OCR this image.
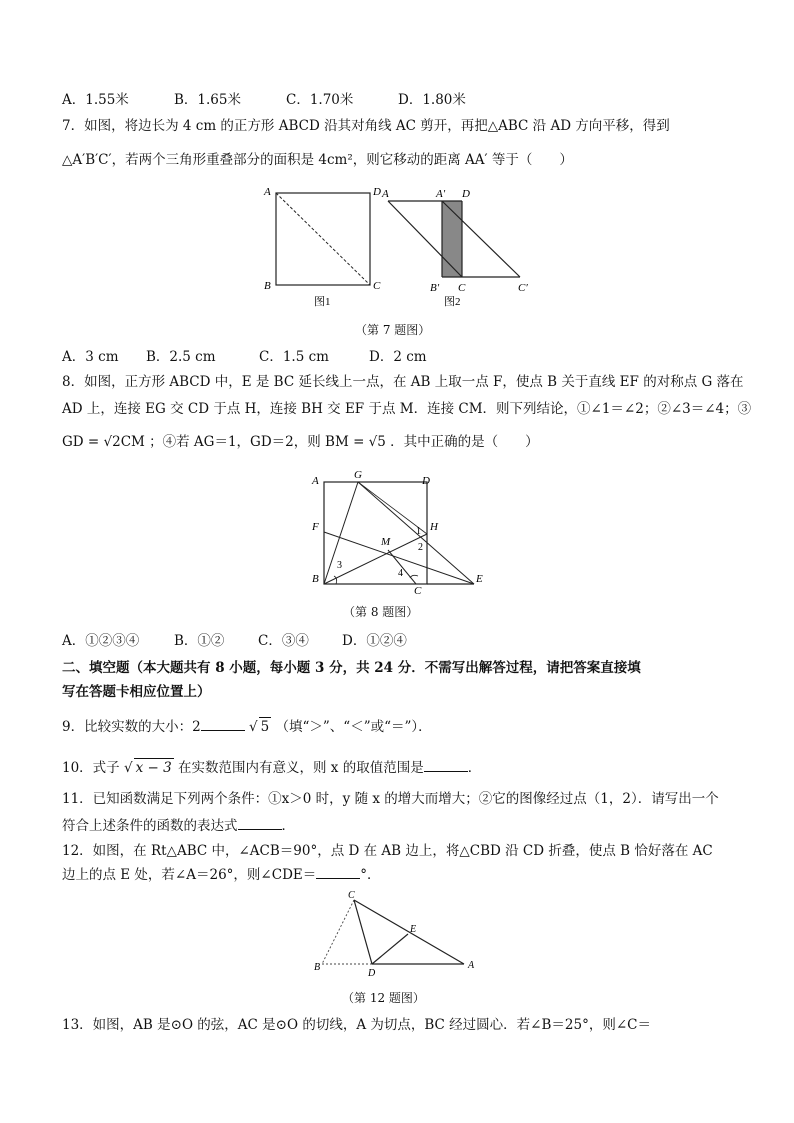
A．1.55米	B．1.65米	C．1.70米	D．1.80米
7．如图，将边长为 4 cm 的正方形 ABCD 沿其对角线 AC 剪开，再把△ABC 沿 AD 方向平移，得到
△A′B′C′，若两个三角形重叠部分的面积是 4cm²，则它移动的距离 AA′ 等于（　　）
A	D
B	C
图1
A	A′ D
B′ C	C′
图2
（第 7 题图）
A．3 cm B．2.5 cm	C．1.5 cm	D．2 cm
8．如图，正方形 ABCD 中，E 是 BC 延长线上一点，在 AB 上取一点 F，使点 B 关于直线 EF 的对称点 G 落在
AD 上，连接 EG 交 CD 于点 H，连接 BH 交 EF 于点 M．连接 CM．则下列结论，①∠1＝∠2；②∠3＝∠4；③
GD = √2CM ；④若 AG＝1，GD＝2，则 BM = √5 ．其中正确的是（　　）
A	G	D
F	H
M
B
C
E
1
2
3
4
（第 8 题图）
A．①②③④	B．①② C．③④ D．①②④
二、填空题（本大题共有 8 小题，每小题 3 分，共 24 分．不需写出解答过程，请把答案直接填
写在答题卡相应位置上）
9．比较实数的大小：2	√ 5 （填“＞”、“＜”或“＝”）．
10．式子 √ x − 3 在实数范围内有意义，则 x 的取值范围是	．
11．已知函数满足下列两个条件：①x＞0 时，y 随 x 的增大而增大；②它的图像经过点（1，2）．请写出一个
符合上述条件的函数的表达式	．
12．如图，在 Rt△ABC 中，∠ACB＝90°，点 D 在 AB 边上，将△CBD 沿 CD 折叠，使点 B 恰好落在 AC
边上的点 E 处，若∠A＝26°，则∠CDE＝	°．
C
E
B
D
A
（第 12 题图）
13．如图，AB 是⊙O 的弦，AC 是⊙O 的切线，A 为切点，BC 经过圆心．若∠B＝25°，则∠C＝
